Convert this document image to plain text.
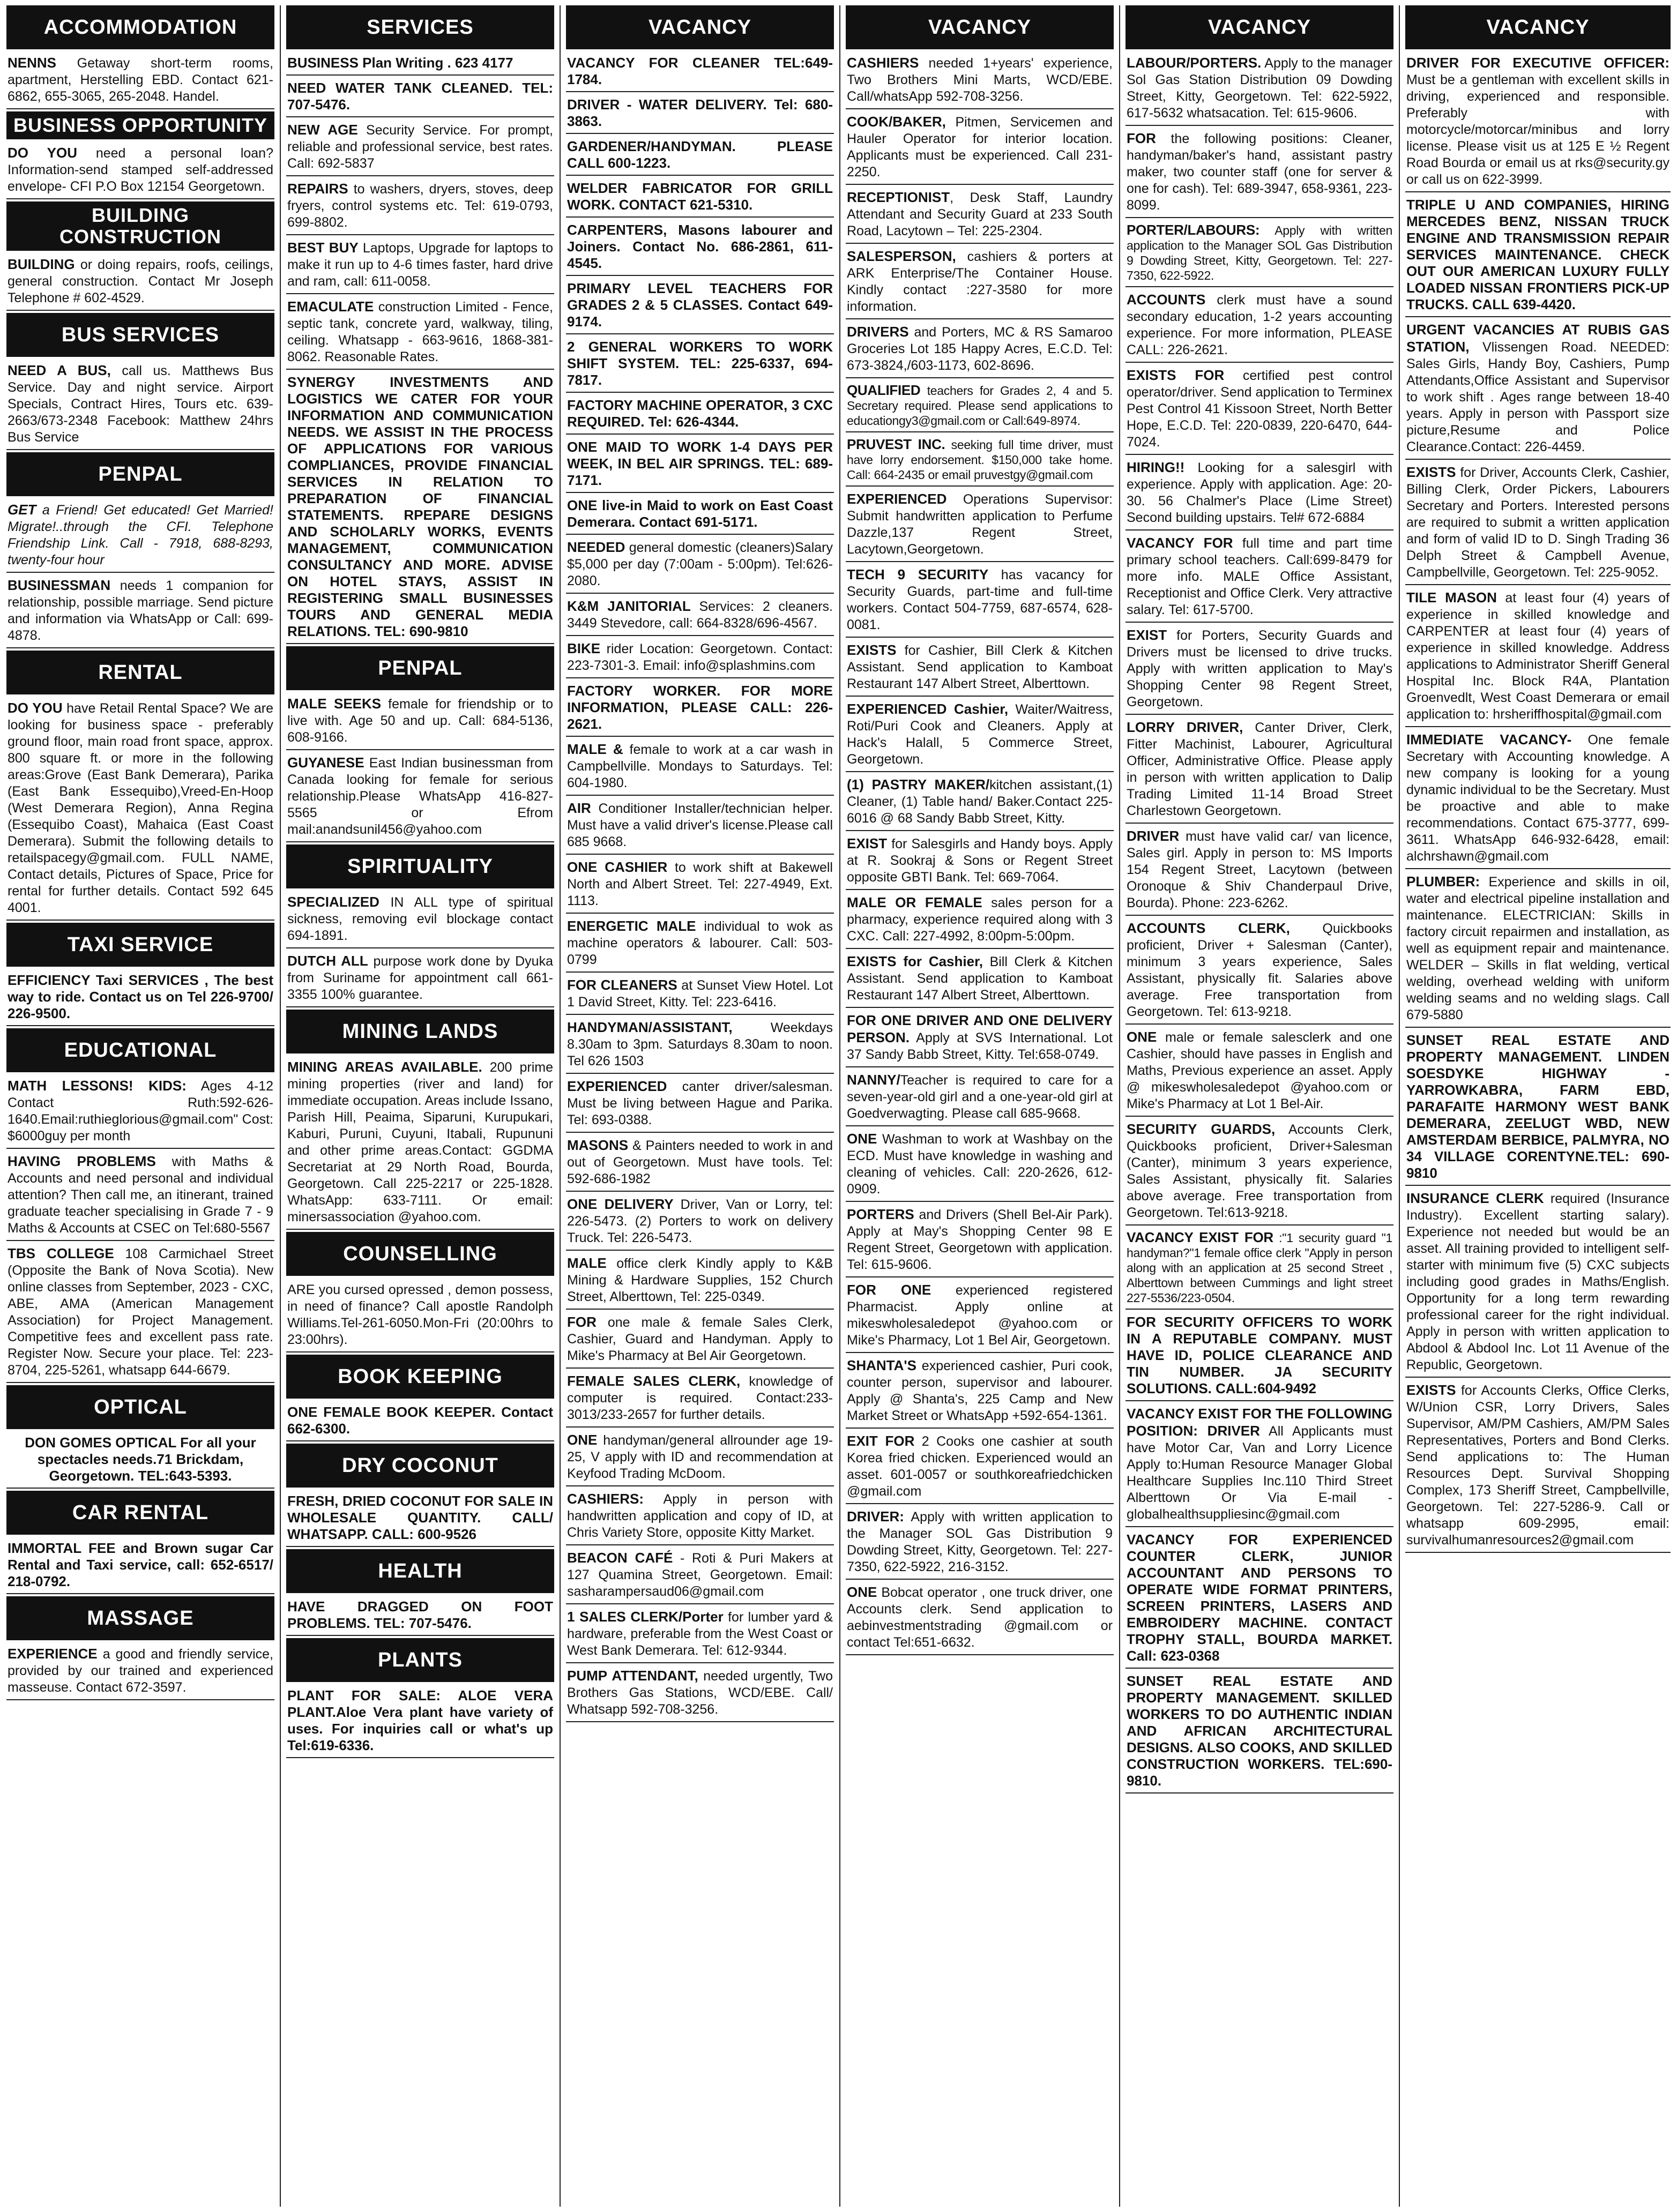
ACCOMMODATION
NENNS Getaway short-term rooms, apartment, Herstelling EBD. Contact 621-6862, 655-3065, 265-2048. Handel.
BUSINESS OPPORTUNITY
DO YOU need a personal loan? Information-send stamped self-addressed envelope- CFI P.O Box 12154 Georgetown.
BUILDING CONSTRUCTION
BUILDING or doing repairs, roofs, ceilings, general construction. Contact Mr Joseph Telephone # 602-4529.
BUS SERVICES
NEED A BUS, call us. Matthews Bus Service. Day and night service. Airport Specials, Contract Hires, Tours etc. 639-2663/673-2348 Facebook: Matthew 24hrs Bus Service
PENPAL
GET a Friend! Get educated! Get Married! Migrate!..through the CFI. Telephone Friendship Link. Call - 7918, 688-8293, twenty-four hour
BUSINESSMAN needs 1 companion for relationship, possible marriage. Send picture and information via WhatsApp or Call: 699-4878.
RENTAL
DO YOU have Retail Rental Space? We are looking for business space - preferably ground floor, main road front space, approx. 800 square ft. or more in the following areas:Grove (East Bank Demerara), Parika (East Bank Essequibo),Vreed-En-Hoop (West Demerara Region), Anna Regina (Essequibo Coast), Mahaica (East Coast Demerara). Submit the following details to retailspacegy@gmail.com. FULL NAME, Contact details, Pictures of Space, Price for rental for further details. Contact 592 645 4001.
TAXI SERVICE
EFFICIENCY Taxi SERVICES , The best way to ride. Contact us on Tel 226-9700/ 226-9500.
EDUCATIONAL
MATH LESSONS! KIDS: Ages 4-12 Contact Ruth:592-626-1640.Email:ruthieglorious@gmail.com" Cost: $6000guy per month
HAVING PROBLEMS with Maths & Accounts and need personal and individual attention? Then call me, an itinerant, trained graduate teacher specialising in Grade 7 - 9 Maths & Accounts at CSEC on Tel:680-5567
TBS COLLEGE 108 Carmichael Street (Opposite the Bank of Nova Scotia). New online classes from September, 2023 - CXC, ABE, AMA (American Management Association) for Project Management. Competitive fees and excellent pass rate. Register Now. Secure your place. Tel: 223-8704, 225-5261, whatsapp 644-6679.
OPTICAL
DON GOMES OPTICAL For all your spectacles needs.71 Brickdam, Georgetown. TEL:643-5393.
CAR RENTAL
IMMORTAL FEE and Brown sugar Car Rental and Taxi service, call: 652-6517/ 218-0792.
MASSAGE
EXPERIENCE a good and friendly service, provided by our trained and experienced masseuse. Contact 672-3597.
SERVICES
BUSINESS Plan Writing . 623 4177
NEED WATER TANK CLEANED. TEL: 707-5476.
NEW AGE Security Service. For prompt, reliable and professional service, best rates. Call: 692-5837
REPAIRS to washers, dryers, stoves, deep fryers, control systems etc. Tel: 619-0793, 699-8802.
BEST BUY Laptops, Upgrade for laptops to make it run up to 4-6 times faster, hard drive and ram, call: 611-0058.
EMACULATE construction Limited - Fence, septic tank, concrete yard, walkway, tiling, ceiling. Whatsapp - 663-9616, 1868-381-8062. Reasonable Rates.
SYNERGY INVESTMENTS AND LOGISTICS WE CATER FOR YOUR INFORMATION AND COMMUNICATION NEEDS. WE ASSIST IN THE PROCESS OF APPLICATIONS FOR VARIOUS COMPLIANCES, PROVIDE FINANCIAL SERVICES IN RELATION TO PREPARATION OF FINANCIAL STATEMENTS. RPEPARE DESIGNS AND SCHOLARLY WORKS, EVENTS MANAGEMENT, COMMUNICATION CONSULTANCY AND MORE. ADVISE ON HOTEL STAYS, ASSIST IN REGISTERING SMALL BUSINESSES TOURS AND GENERAL MEDIA RELATIONS. TEL: 690-9810
PENPAL
MALE SEEKS female for friendship or to live with. Age 50 and up. Call: 684-5136, 608-9166.
GUYANESE East Indian businessman from Canada looking for female for serious relationship.Please WhatsApp 416-827-5565 or Efrom mail:anandsunil456@yahoo.com
SPIRITUALITY
SPECIALIZED IN ALL type of spiritual sickness, removing evil blockage contact 694-1891.
DUTCH ALL purpose work done by Dyuka from Suriname for appointment call 661-3355 100% guarantee.
MINING LANDS
MINING AREAS AVAILABLE. 200 prime mining properties (river and land) for immediate occupation. Areas include Issano, Parish Hill, Peaima, Siparuni, Kurupukari, Kaburi, Puruni, Cuyuni, Itabali, Rupununi and other prime areas.Contact: GGDMA Secretariat at 29 North Road, Bourda, Georgetown. Call 225-2217 or 225-1828. WhatsApp: 633-7111. Or email: minersassociation @yahoo.com.
COUNSELLING
ARE you cursed opressed , demon possess, in need of finance? Call apostle Randolph Williams.Tel-261-6050.Mon-Fri (20:00hrs to 23:00hrs).
BOOK KEEPING
ONE FEMALE BOOK KEEPER. Contact 662-6300.
DRY COCONUT
FRESH, DRIED COCONUT FOR SALE IN WHOLESALE QUANTITY. CALL/ WHATSAPP. CALL: 600-9526
HEALTH
HAVE DRAGGED ON FOOT PROBLEMS. TEL: 707-5476.
PLANTS
PLANT FOR SALE: ALOE VERA PLANT.Aloe Vera plant have variety of uses. For inquiries call or what's up Tel:619-6336.
VACANCY
VACANCY FOR CLEANER TEL:649-1784.
DRIVER - WATER DELIVERY. Tel: 680-3863.
GARDENER/HANDYMAN. PLEASE CALL 600-1223.
WELDER FABRICATOR FOR GRILL WORK. CONTACT 621-5310.
CARPENTERS, Masons labourer and Joiners. Contact No. 686-2861, 611-4545.
PRIMARY LEVEL TEACHERS FOR GRADES 2 & 5 CLASSES. Contact 649-9174.
2 GENERAL WORKERS TO WORK SHIFT SYSTEM. TEL: 225-6337, 694-7817.
FACTORY MACHINE OPERATOR, 3 CXC REQUIRED. Tel: 626-4344.
ONE MAID TO WORK 1-4 DAYS PER WEEK, IN BEL AIR SPRINGS. TEL: 689-7171.
ONE live-in Maid to work on East Coast Demerara. Contact 691-5171.
NEEDED general domestic (cleaners)Salary $5,000 per day (7:00am - 5:00pm). Tel:626-2080.
K&M JANITORIAL Services: 2 cleaners. 3449 Stevedore, call: 664-8328/696-4567.
BIKE rider Location: Georgetown. Contact: 223-7301-3. Email: info@splashmins.com
FACTORY WORKER. FOR MORE INFORMATION, PLEASE CALL: 226-2621.
MALE & female to work at a car wash in Campbellville. Mondays to Saturdays. Tel: 604-1980.
AIR Conditioner Installer/technician helper. Must have a valid driver's license.Please call 685 9668.
ONE CASHIER to work shift at Bakewell North and Albert Street. Tel: 227-4949, Ext. 1113.
ENERGETIC MALE individual to wok as machine operators & labourer. Call: 503-0799
FOR CLEANERS at Sunset View Hotel. Lot 1 David Street, Kitty. Tel: 223-6416.
HANDYMAN/ASSISTANT, Weekdays 8.30am to 3pm. Saturdays 8.30am to noon. Tel 626 1503
EXPERIENCED canter driver/salesman. Must be living between Hague and Parika. Tel: 693-0388.
MASONS & Painters needed to work in and out of Georgetown. Must have tools. Tel: 592-686-1982
ONE DELIVERY Driver, Van or Lorry, tel: 226-5473. (2) Porters to work on delivery Truck. Tel: 226-5473.
MALE office clerk Kindly apply to K&B Mining & Hardware Supplies, 152 Church Street, Alberttown, Tel: 225-0349.
FOR one male & female Sales Clerk, Cashier, Guard and Handyman. Apply to Mike's Pharmacy at Bel Air Georgetown.
FEMALE SALES CLERK, knowledge of computer is required. Contact:233-3013/233-2657 for further details.
ONE handyman/general allrounder age 19-25, V apply with ID and recommendation at Keyfood Trading McDoom.
CASHIERS: Apply in person with handwritten application and copy of ID, at Chris Variety Store, opposite Kitty Market.
BEACON CAFÉ - Roti & Puri Makers at 127 Quamina Street, Georgetown. Email: sasharampersaud06@gmail.com
1 SALES CLERK/Porter for lumber yard & hardware, preferable from the West Coast or West Bank Demerara. Tel: 612-9344.
PUMP ATTENDANT, needed urgently, Two Brothers Gas Stations, WCD/EBE. Call/ Whatsapp 592-708-3256.
VACANCY
CASHIERS needed 1+years' experience, Two Brothers Mini Marts, WCD/EBE. Call/whatsApp 592-708-3256.
COOK/BAKER, Pitmen, Servicemen and Hauler Operator for interior location. Applicants must be experienced. Call 231-2250.
RECEPTIONIST, Desk Staff, Laundry Attendant and Security Guard at 233 South Road, Lacytown – Tel: 225-2304.
SALESPERSON, cashiers & porters at ARK Enterprise/The Container House. Kindly contact :227-3580 for more information.
DRIVERS and Porters, MC & RS Samaroo Groceries Lot 185 Happy Acres, E.C.D. Tel: 673-3824,/603-1173, 602-8696.
QUALIFIED teachers for Grades 2, 4 and 5. Secretary required. Please send applications to educationgy3@gmail.com or Call:649-8974.
PRUVEST INC. seeking full time driver, must have lorry endorsement. $150,000 take home. Call: 664-2435 or email pruvestgy@gmail.com
EXPERIENCED Operations Supervisor: Submit handwritten application to Perfume Dazzle,137 Regent Street, Lacytown,Georgetown.
TECH 9 SECURITY has vacancy for Security Guards, part-time and full-time workers. Contact 504-7759, 687-6574, 628-0081.
EXISTS for Cashier, Bill Clerk & Kitchen Assistant. Send application to Kamboat Restaurant 147 Albert Street, Alberttown.
EXPERIENCED Cashier, Waiter/Waitress, Roti/Puri Cook and Cleaners. Apply at Hack's Halall, 5 Commerce Street, Georgetown.
(1) PASTRY MAKER/kitchen assistant,(1) Cleaner, (1) Table hand/ Baker.Contact 225-6016 @ 68 Sandy Babb Street, Kitty.
EXIST for Salesgirls and Handy boys. Apply at R. Sookraj & Sons or Regent Street opposite GBTI Bank. Tel: 669-7064.
MALE OR FEMALE sales person for a pharmacy, experience required along with 3 CXC. Call: 227-4992, 8:00pm-5:00pm.
EXISTS for Cashier, Bill Clerk & Kitchen Assistant. Send application to Kamboat Restaurant 147 Albert Street, Alberttown.
FOR ONE DRIVER AND ONE DELIVERY PERSON. Apply at SVS International. Lot 37 Sandy Babb Street, Kitty. Tel:658-0749.
NANNY/Teacher is required to care for a seven-year-old girl and a one-year-old girl at Goedverwagting. Please call 685-9668.
ONE Washman to work at Washbay on the ECD. Must have knowledge in washing and cleaning of vehicles. Call: 220-2626, 612-0909.
PORTERS and Drivers (Shell Bel-Air Park). Apply at May's Shopping Center 98 E Regent Street, Georgetown with application. Tel: 615-9606.
FOR ONE experienced registered Pharmacist. Apply online at mikeswholesaledepot @yahoo.com or Mike's Pharmacy, Lot 1 Bel Air, Georgetown.
SHANTA'S experienced cashier, Puri cook, counter person, supervisor and labourer. Apply @ Shanta's, 225 Camp and New Market Street or WhatsApp +592-654-1361.
EXIT FOR 2 Cooks one cashier at south Korea fried chicken. Experienced would an asset. 601-0057 or southkoreafriedchicken @gmail.com
DRIVER: Apply with written application to the Manager SOL Gas Distribution 9 Dowding Street, Kitty, Georgetown. Tel: 227-7350, 622-5922, 216-3152.
ONE Bobcat operator , one truck driver, one Accounts clerk. Send application to aebinvestmentstrading @gmail.com or contact Tel:651-6632.
VACANCY
LABOUR/PORTERS. Apply to the manager Sol Gas Station Distribution 09 Dowding Street, Kitty, Georgetown. Tel: 622-5922, 617-5632 whatsacation. Tel: 615-9606.
FOR the following positions: Cleaner, handyman/baker's hand, assistant pastry maker, two counter staff (one for server & one for cash). Tel: 689-3947, 658-9361, 223-8099.
PORTER/LABOURS: Apply with written application to the Manager SOL Gas Distribution 9 Dowding Street, Kitty, Georgetown. Tel: 227-7350, 622-5922.
ACCOUNTS clerk must have a sound secondary education, 1-2 years accounting experience. For more information, PLEASE CALL: 226-2621.
EXISTS FOR certified pest control operator/driver. Send application to Terminex Pest Control 41 Kissoon Street, North Better Hope, E.C.D. Tel: 220-0839, 220-6470, 644-7024.
HIRING!! Looking for a salesgirl with experience. Apply with application. Age: 20-30. 56 Chalmer's Place (Lime Street) Second building upstairs. Tel# 672-6884
VACANCY FOR full time and part time primary school teachers. Call:699-8479 for more info. MALE Office Assistant, Receptionist and Office Clerk. Very attractive salary. Tel: 617-5700.
EXIST for Porters, Security Guards and Drivers must be licensed to drive trucks. Apply with written application to May's Shopping Center 98 Regent Street, Georgetown.
LORRY DRIVER, Canter Driver, Clerk, Fitter Machinist, Labourer, Agricultural Officer, Administrative Office. Please apply in person with written application to Dalip Trading Limited 11-14 Broad Street Charlestown Georgetown.
DRIVER must have valid car/ van licence, Sales girl. Apply in person to: MS Imports 154 Regent Street, Lacytown (between Oronoque & Shiv Chanderpaul Drive, Bourda). Phone: 223-6262.
ACCOUNTS CLERK, Quickbooks proficient, Driver + Salesman (Canter), minimum 3 years experience, Sales Assistant, physically fit. Salaries above average. Free transportation from Georgetown. Tel: 613-9218.
ONE male or female salesclerk and one Cashier, should have passes in English and Maths, Previous experience an asset. Apply @ mikeswholesaledepot @yahoo.com or Mike's Pharmacy at Lot 1 Bel-Air.
SECURITY GUARDS, Accounts Clerk, Quickbooks proficient, Driver+Salesman (Canter), minimum 3 years experience, Sales Assistant, physically fit. Salaries above average. Free transportation from Georgetown. Tel:613-9218.
VACANCY EXIST FOR :"1 security guard "1 handyman?"1 female office clerk "Apply in person along with an application at 25 second Street , Alberttown between Cummings and light street 227-5536/223-0504.
FOR SECURITY OFFICERS TO WORK IN A REPUTABLE COMPANY. MUST HAVE ID, POLICE CLEARANCE AND TIN NUMBER. JA SECURITY SOLUTIONS. CALL:604-9492
VACANCY EXIST FOR THE FOLLOWING POSITION: DRIVER All Applicants must have Motor Car, Van and Lorry Licence Apply to:Human Resource Manager Global Healthcare Supplies Inc.110 Third Street Alberttown Or Via E-mail - globalhealthsuppliesinc@gmail.com
VACANCY FOR EXPERIENCED COUNTER CLERK, JUNIOR ACCOUNTANT AND PERSONS TO OPERATE WIDE FORMAT PRINTERS, SCREEN PRINTERS, LASERS AND EMBROIDERY MACHINE. CONTACT TROPHY STALL, BOURDA MARKET. Call: 623-0368
SUNSET REAL ESTATE AND PROPERTY MANAGEMENT. SKILLED WORKERS TO DO AUTHENTIC INDIAN AND AFRICAN ARCHITECTURAL DESIGNS. ALSO COOKS, AND SKILLED CONSTRUCTION WORKERS. TEL:690-9810.
VACANCY
DRIVER FOR EXECUTIVE OFFICER: Must be a gentleman with excellent skills in driving, experienced and responsible. Preferably with motorcycle/motorcar/minibus and lorry license. Please visit us at 125 E ½ Regent Road Bourda or email us at rks@security.gy or call us on 622-3999.
TRIPLE U AND COMPANIES, HIRING MERCEDES BENZ, NISSAN TRUCK ENGINE AND TRANSMISSION REPAIR SERVICES MAINTENANCE. CHECK OUT OUR AMERICAN LUXURY FULLY LOADED NISSAN FRONTIERS PICK-UP TRUCKS. CALL 639-4420.
URGENT VACANCIES AT RUBIS GAS STATION, Vlissengen Road. NEEDED: Sales Girls, Handy Boy, Cashiers, Pump Attendants,Office Assistant and Supervisor to work shift . Ages range between 18-40 years. Apply in person with Passport size picture,Resume and Police Clearance.Contact: 226-4459.
EXISTS for Driver, Accounts Clerk, Cashier, Billing Clerk, Order Pickers, Labourers Secretary and Porters. Interested persons are required to submit a written application and form of valid ID to D. Singh Trading 36 Delph Street & Campbell Avenue, Campbellville, Georgetown. Tel: 225-9052.
TILE MASON at least four (4) years of experience in skilled knowledge and CARPENTER at least four (4) years of experience in skilled knowledge. Address applications to Administrator Sheriff General Hospital Inc. Block R4A, Plantation Groenvedlt, West Coast Demerara or email application to: hrsheriffhospital@gmail.com
IMMEDIATE VACANCY- One female Secretary with Accounting knowledge. A new company is looking for a young dynamic individual to be the Secretary. Must be proactive and able to make recommendations. Contact 675-3777, 699-3611. WhatsApp 646-932-6428, email: alchrshawn@gmail.com
PLUMBER: Experience and skills in oil, water and electrical pipeline installation and maintenance. ELECTRICIAN: Skills in factory circuit repairmen and installation, as well as equipment repair and maintenance. WELDER – Skills in flat welding, vertical welding, overhead welding with uniform welding seams and no welding slags. Call 679-5880
SUNSET REAL ESTATE AND PROPERTY MANAGEMENT. LINDEN SOESDYKE HIGHWAY - YARROWKABRA, FARM EBD, PARAFAITE HARMONY WEST BANK DEMERARA, ZEELUGT WBD, NEW AMSTERDAM BERBICE, PALMYRA, NO 34 VILLAGE CORENTYNE.TEL: 690-9810
INSURANCE CLERK required (Insurance Industry). Excellent starting salary). Experience not needed but would be an asset. All training provided to intelligent self-starter with minimum five (5) CXC subjects including good grades in Maths/English. Opportunity for a long term rewarding professional career for the right individual. Apply in person with written application to Abdool & Abdool Inc. Lot 11 Avenue of the Republic, Georgetown.
EXISTS for Accounts Clerks, Office Clerks, W/Union CSR, Lorry Drivers, Sales Supervisor, AM/PM Cashiers, AM/PM Sales Representatives, Porters and Bond Clerks. Send applications to: The Human Resources Dept. Survival Shopping Complex, 173 Sheriff Street, Campbellville, Georgetown. Tel: 227-5286-9. Call or whatsapp 609-2995, email: survivalhumanresources2@gmail.com
